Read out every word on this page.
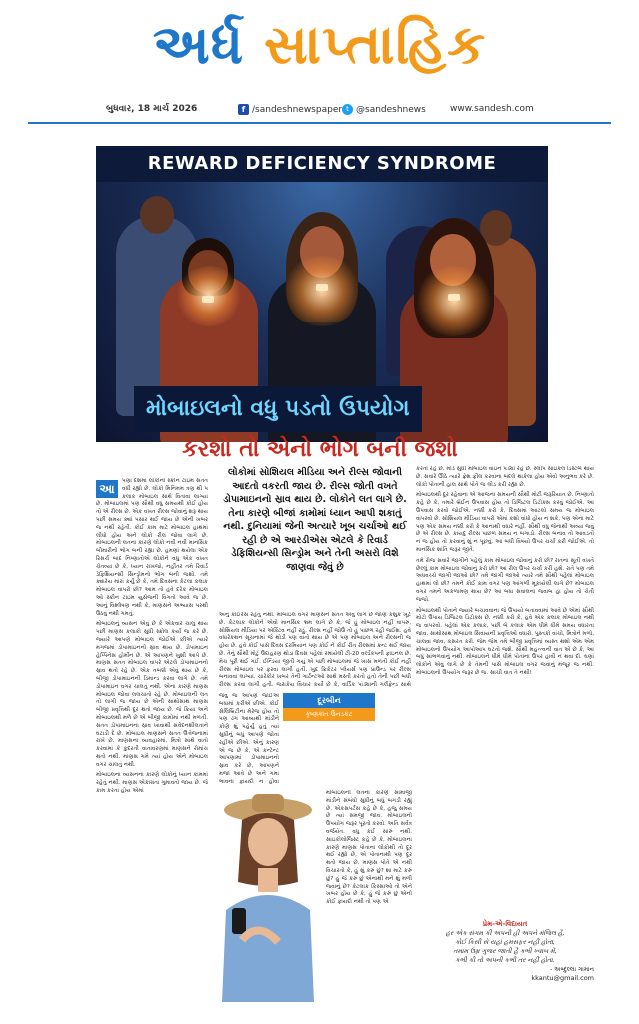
અર્ધ સાપ્તાહિક
બુધવાર, 18 માર્ચ 2026	f /sandeshnewspaper t @sandeshnews	www.sandesh.com
REWARD DEFICIENCY SYNDROME
મોબાઇલનો વધુ પડતો ઉપયોગ
કરશો તો એનો ભોગ બની જશો
આ
પણા દેશમાં લોકોનો સ્ક્રીન ટાઇમ સતત વધી રહ્યો છે. લોકો મિનિમમ ત્રણ થી પ કલાક મોબાઇલ સાથે વિતાવા લાગ્યા છે. મોબાઇલમાં પણ સૌથી વધુ સમયથી કોઈ હોય તો એ રીલ્સ છે. એક વખત રીલ્સ જોવાનું શરૂ થાય પછી સમય ક્યાં પસાર થઈ જાય છે એની ખબર જ નથી રહેતી. કોઈ કામ માટે મોબાઇલ હાથમાં લીધો હોય અને લોકો રીલ જોવા લાગે છે. મોબાઇલની લતના કારણે લોકો નવી નવી માનસિક બીમારીનો ભોગ બની રહ્યા છે. હમણાં થયેલા એક રિસર્ચ બાદ નિષ્ણાતોએ લોકોને વધુ એક વખત ચેતવ્યા છે કે, ધ્યાન રાખજો, નહીંતર તમે રિવાર્ડ ડેફિશિયન્સી સિન્ડ્રોમનો ભોગ બની જશો. તમે ક્યારેય મારાં કર્યું છે કે, તમે દિવસના કેટલા કલાક મોબાઇલ વાપરો છો? આમ તો હવે દરેક મોબાઇલ ઓ સ્ક્રીન ટાઇમ યુસેજની વિગતો આવે જ છે. આનું વિશ્લેષણ નથી કે, માણસને અભ્યાસ પરથી ઉઠવું નથી ગમતું.

મોબાઇલનું વ્યસન એવું છે કે એકવાર ચાલુ થાય પછી માણસ કલાકો સુધી સ્ક્રોલ કર્યા જ કરે છે. જ્યારે આપણે મોબાઇલ જોઈએ છીએ ત્યારે મગજમાં ડોપામાઇનનો સ્રાવ થાય છે. ડોપામાઇન હેપ્પિનેસ હોર્મોન છે. એ આપણને ખુશી આપે છે. માણસ સતત મોબાઇલ વાપરે એટલે ડોપામાઇનનો સ્રાવ થતો રહે છે. એક તબક્કે એવું થાય છે કે, બીજી ડોપામાઇનની ડિમાન્ડ કરવા લાગે છે. તમે ડોપામાઇન વગર ચાલતું નથી. એના કારણે માણસ મોબાઇલ જોવા લલચાતો રહે છે. મોબાઇલની લત તો લાગી જ જાય છે એની સાથોસાથ માણસ બીજી પ્રવૃત્તિથી દૂર થતો જાય છે. જે ક્રિયા અને મોબાઇલથી મળે છે એ બીજી કામોમાં નથી મળતી. સતત ડોપામાઇનના સ્રાવ ખાવાથી સંવેદનશીલતાને ઘટાડી દે છે. મોબાઇલ માણસને સતત ઉત્તેજનામાં રાખે છે. માણસના વ્યવહારમાં, મિત્રો સાથે વાતો કરવામાં કે કુદરતી વાતાવરણમાં માણસને રોમાંચ થતો નથી. માણસ ગમે ત્યાં હોય એને મોબાઇલ વગર ચાલતું નથી.

મોબાઇલના વ્યસનના કારણે લોકોનું ધ્યાન કામમાં રહેતું નથી. માણસ એકાગ્રતા ગુમાવતો જાય છે. જે કામ કરતા હોય એમાં

લોકોમાં સોશિયલ મીડિયા અને રીલ્સ જોવાની આદતો વકરતી જાય છે. રીલ્સ જોતી વખતે ડોપામાઇનનો સ્રાવ થાય છે. લોકોને લત લાગે છે. તેના કારણે બીજાં કામોમાં ધ્યાન આપી શકાતું નથી. દુનિયામાં જેની અત્યારે ખૂબ ચર્ચાઓ થઈ રહી છે એ આરડીએસ એટલે કે રિવાર્ડ ડેફિશિયન્સી સિન્ડ્રોમ અને તેની અસરો વિશે જાણવા જેવું છે
અનું કોઈરસ રહેતું નથી. મોબાઇલ વગર માણસને સતત એવું લાગે છે જાણે કશુંક ખૂટે છે. કેટલાક લોકોને એવો માનસિક ભ્રમ લાગે છે કે, જે હું મોબાઇલ નહીં વાપરું, સોશિયલ મીડિયા પર એક્ટિવ નહીં રહું, રીલ્સ નહીં જોઉં તો હું પાછળ રહી જઈશ. હવે વધારેકથન સૂચનામાં જે થોડી પણ વાતો થાય છે એ પણ મોબાઇલ અને રીલ્સની જ હોય છે. હવે કોઈ પાસે દિવસ દરમિયાન પણ કોઈ ને કોઈ રીત રીલ્સમાં ક્રન્ટ થઈ જાય છે. તેનું સૌથી મોટું ઉદાહરણ થોડા દિવસ પહેલાં રમાયેલી ટી-20 વર્લ્ડકપની ફાઇનલ છે. મેચ પૂરી થઈ ગઈ. ઈન્ડિયા જીતી ગયું એ પછી મોબાઇલમાં જે ખાસ મળતી કોઈ નહીં રીલ્સ મોબાઇલ પર ફરવા લાગી હતી. ખુદ ક્રિકેટર પ્લેયર્સ પણ પ્રાઉન્ડ પર રીલ્સ બનાવવા લાગ્યા. ચારેકોર ખબર તેની ગાર્ટન્ટઓ સાથે મસ્તી કરતો હતો તેની પછી બધી રીલ્સ કરવા લાગી હતી. જરાકેય વિચાર કર્યો છે કે, વાર્ડિક પાંડ્યાની ગર્લફ્રેન્ડ સાથે
જેવું જ આપણે જોઈએ બધામાં કરીએ છીએ. કોઈ સેલિબ્રિટીના મેરેજ હોય તો પણ ઢગ આવ્યથી માંડીને કોણે શું પહેર્યું હતું ત્યાં સુધીનું બધું આપણે જોતા રહીએ છીએ. એનું કારણ એ જ છે કે, એ કન્ટેન્ટ આપણામાં ડોપામાઇનનો સ્રાવ કરે છે, આપણને મજા આવે છે અને ગમા ભાવના ફાયદો ન હોવા
દૂરબીન
કૃષ્ણકાંત ઉનડકટ
મોબાઇલની લતના કારણે સામાજી માંડીને સંબંધો સુધીનું બધું બગડી રહ્યું છે. એકસપર્ટસ કહે છે કે, હજુ સમય છે ત્યાં સમજી જાવ. મોબાઇલનો ઉપયોગ જરૂર પૂરતો કરવો. અતિ સર્વત્ર વર્જયેત. વધુ કંઈ સારું નથી. સાઇકોલોજિસ્ટ કહે છે કે, મોબાઇલના કારણે માણસ પોતાના લોકોથી તો દૂર થઈ રહ્યો છે, એ પોતાનાથી પણ દૂર થતો જાય છે. માણસ પોતે એ નથી વિચારતો કે, હું શું કરું છું? શા માટે કરું છું? હું જે કરું છું એનાથી મને શું મળી જવાનું છે? કેટલાક કિસ્સાઓ તો એને ખબર હોય છે કે, હું જે કરું છું એનો કોઈ ફાયદો નથી તો પણ એ
કરતો રહે છે. મોડે સુધી મોબાઇલ વાઇન પડ્યો રહે છે. સ્લીપ સાઇકલ ડિસ્ટર્બ થાય છે. સવારે ઊઠે ત્યારે ફ્રેશ ફીલ કરવાના બદલે થાકેલા હોય એવો અનુભવ કરે છે. લોકો પોતાની હાલ સાથે પોતે જ લોડ કરી રહ્યા છે.

મોબાઇલથી દૂર રહેવાના એ આજના સમયની સૌથી મોટી જરૂરિયાત છે. નિષ્ણાતો કહે છે કે, તમારે બ્રેઈન ઉપવાસ હોય તો ડિજિટલ ડિટોક્સ કરવું જોઈએ. આ ઉપવાસ કરવો જોઈએ. નક્કી કરો કે, દિવસમાં આટલો સમય જ મોબાઇલ વાપરવો છે. સોશિયલ મીડિયા વાપરો એમાં કશો વાંધો હોય ન શકે, પણ એના માટે પણ એક સમય નક્કી કરો કે આનાથી વધારે નહીં. સૌથી વધુ જેનાથી અવ્યા જવું છે એ રીલ્સ છે. કાયદુ રીલ્સ પાછળ સમય ન બગાડો. રીલ્સ બનાવ તો આવડતો ન જ હોય તો કરવાનું શું ન પૂછવું. આ બધી વિષયો ઉપર ચર્ચા કરી જોઈએ. તો માનસિક શાંતિ જરૂર જીતે.

તમે રોજ સવારે જાગીને પહેલું કામ મોબાઇલ જોવાનું કરો છો? રાતના સૂતી વખતે છેલ્લું કામ મોબાઇલ જોવાનું કરો છો? આ રીલ ઉપર ચર્ચા કરી હશે. રાતે પણ તમે અધવચ્ચે જાગી જાઓ છો? તમે જાગી જાઓ ત્યારે તમે સૌથી પહેલાં મોબાઇલ હાથમાં લો છો? તમને કોઈ કામ વગર પણ આંગળી મૂકાયેલી લાગે છે? મોબાઇલ વગર તમને અકળામણ થાય છે? આ બધા સવાલના જવાબ હા હોય તો ચેતી જજો.

મોબાઇલથી પોતાને જ્યારે બચાવવાના જે ઉપાયો બતાવવામાં આવે છે એમાં સૌથી મોટો ઉપાય ડિજિટલ ડિટોક્સ છે. નક્કી કરો કે, હવે એક કલાક મોબાઇલ નથી જ વાપરવો. પહેલાં એક કલાક, પછી બે કલાક એમ ધીમે ધીમે સમય વધારતા જાવ. સાથોસાથ મોબાઇલ સિવાયની પ્રવૃત્તિઓ વધારો. પુસ્તકો વાંચો, મિત્રોને મળો, ચાલવા જાવ, કસરત કરો. જેમ જેમ તમે બીજી પ્રવૃત્તિમાં વ્યસ્ત થશો એમ એમ મોબાઇલનો ઉપયોગ આપોઆપ ઘટતો જશે. સૌથી મહત્ત્વની વાત એ છે કે, આ બધું સાંભળવાનું નથી. મોબાઇલને ધીમે ધીમે પોતાના ઉપર હાવી ન થવા દો. ઘણાં લોકોને એવું લાગે છે કે તેમની પાસે મોબાઇલ વગર જવાનું મંજૂર જ નથી. મોબાઇલનો ઉપયોગ જરૂર છે જ. સાચી વાત તે નથી!

પ્રેમ-એ-વિદાયત
હર એક સંગમ કી અપની હી અપને મંજિલ હૈ,
કોઈ કિસી સે યહાં હમસફર નહીં હોતા,
તમામ ઉમ્ર ગુજર જાતી હૈ કભી ખ્વાબ મેં,
કભી કી તો અપની કભી તર નહીં હોતા.
- અબ્દુલ્લા ગામાન
kkantu@gmail.com
